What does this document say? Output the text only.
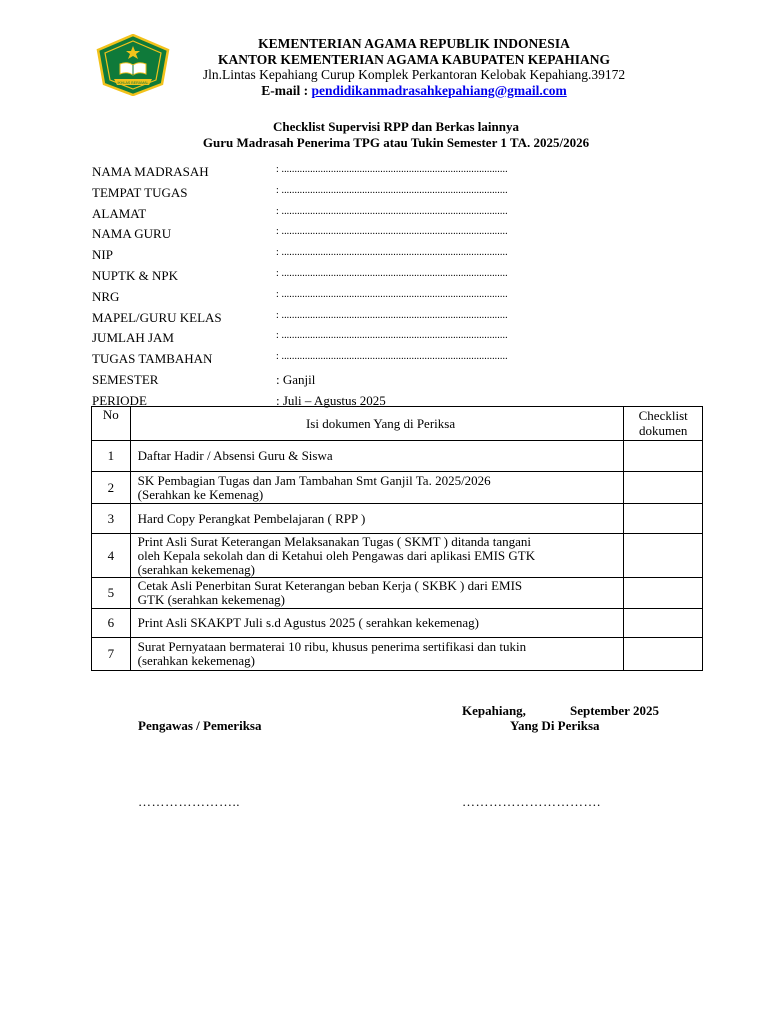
IKHLAS BERAMAL
KEMENTERIAN AGAMA REPUBLIK INDONESIA
KANTOR KEMENTERIAN AGAMA KABUPATEN KEPAHIANG
Jln.Lintas Kepahiang Curup Komplek Perkantoran Kelobak Kepahiang.39172
E-mail : pendidikanmadrasahkepahiang@gmail.com
Checklist Supervisi RPP dan Berkas lainnya
Guru Madrasah Penerima TPG atau Tukin Semester 1 TA. 2025/2026
NAMA MADRASAH	: .......................................................................................
TEMPAT TUGAS	: .......................................................................................
ALAMAT	: .......................................................................................
NAMA GURU	: .......................................................................................
NIP	: .......................................................................................
NUPTK & NPK	: .......................................................................................
NRG	: .......................................................................................
MAPEL/GURU KELAS	: .......................................................................................
JUMLAH JAM	: .......................................................................................
TUGAS TAMBAHAN	: .......................................................................................
SEMESTER	: Ganjil
PERIODE	: Juli – Agustus 2025
No	Isi dokumen Yang di Periksa	Checklist
dokumen

1	Daftar Hadir / Absensi Guru & Siswa	

2	SK Pembagian Tugas dan Jam Tambahan Smt Ganjil Ta. 2025/2026
(Serahkan ke Kemenag)	

3	Hard Copy Perangkat Pembelajaran ( RPP )	

4	Print Asli Surat Keterangan Melaksanakan Tugas ( SKMT ) ditanda tangani
oleh Kepala sekolah dan di Ketahui oleh Pengawas dari aplikasi EMIS GTK
(serahkan kekemenag)	

5	Cetak Asli Penerbitan Surat Keterangan beban Kerja ( SKBK ) dari EMIS
GTK (serahkan kekemenag)	

6	Print Asli SKAKPT Juli s.d Agustus 2025 ( serahkan kekemenag)	

7	Surat Pernyataan bermaterai 10 ribu, khusus penerima sertifikasi dan tukin
(serahkan kekemenag)	

Kepahiang,	September 2025
Pengawas / Pemeriksa	Yang Di Periksa
…………………..	………………………….
